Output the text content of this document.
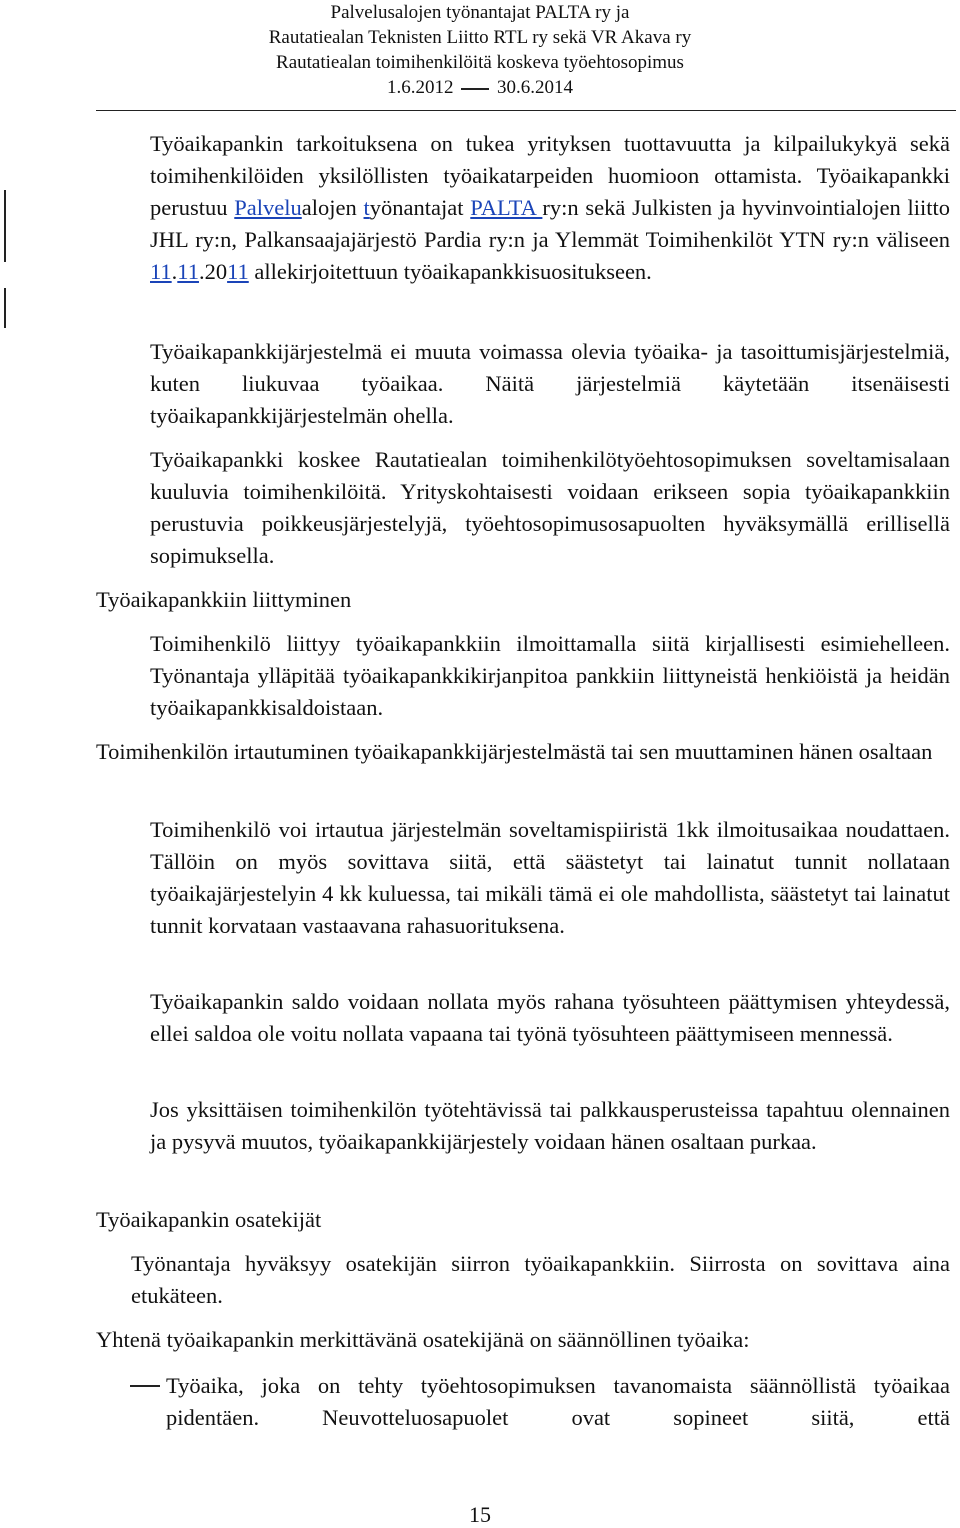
Palvelusalojen työnantajat PALTA ry ja
Rautatiealan Teknisten Liitto RTL ry sekä VR Akava ry
Rautatiealan toimihenkilöitä koskeva työehtosopimus
1.6.2012 30.6.2014

Työaikapankin tarkoituksena on tukea yrityksen tuottavuutta ja kilpailukykyä sekä toimihenkilöiden yksilöllisten työaikatarpeiden huomioon ottamista. Työaikapankki perustuu Palvelualojen työnantajat PALTA ry:n sekä Julkisten ja hyvinvointialojen liitto JHL ry:n, Palkansaajajärjestö Pardia ry:n ja Ylemmät Toimihenkilöt YTN ry:n väliseen 11.11.2011 allekirjoitettuun työaikapankkisuositukseen.

Työaikapankkijärjestelmä ei muuta voimassa olevia työaika- ja tasoittumisjärjestelmiä, kuten liukuvaa työaikaa. Näitä järjestelmiä käytetään itsenäisesti työaikapankkijärjestelmän ohella.

Työaikapankki koskee Rautatiealan toimihenkilötyöehtosopimuksen soveltamisalaan kuuluvia toimihenkilöitä. Yrityskohtaisesti voidaan erikseen sopia työaikapankkiin perustuvia poikkeusjärjestelyjä, työehtosopimusosapuolten hyväksymällä erillisellä sopimuksella.

Työaikapankkiin liittyminen

Toimihenkilö liittyy työaikapankkiin ilmoittamalla siitä kirjallisesti esimiehelleen. Työnantaja ylläpitää työaikapankkikirjanpitoa pankkiin liittyneistä henkiöistä ja heidän työaikapankkisaldoistaan.

Toimihenkilön irtautuminen työaikapankkijärjestelmästä tai sen muuttaminen hänen osaltaan

Toimihenkilö voi irtautua järjestelmän soveltamispiiristä 1kk ilmoitusaikaa noudattaen. Tällöin on myös sovittava siitä, että säästetyt tai lainatut tunnit nollataan työaikajärjestelyin 4 kk kuluessa, tai mikäli tämä ei ole mahdollista, säästetyt tai lainatut tunnit korvataan vastaavana rahasuorituksena.

Työaikapankin saldo voidaan nollata myös rahana työsuhteen päättymisen yhteydessä, ellei saldoa ole voitu nollata vapaana tai työnä työsuhteen päättymiseen mennessä.

Jos yksittäisen toimihenkilön työtehtävissä tai palkkausperusteissa tapahtuu olennainen ja pysyvä muutos, työaikapankkijärjestely voidaan hänen osaltaan purkaa.

Työaikapankin osatekijät

Työnantaja hyväksyy osatekijän siirron työaikapankkiin. Siirrosta on sovittava aina etukäteen.

Yhtenä työaikapankin merkittävänä osatekijänä on säännöllinen työaika:

Työaika, joka on tehty työehtosopimuksen tavanomaista säännöllistä työaikaa pidentäen. Neuvotteluosapuolet ovat sopineet siitä, että

15
